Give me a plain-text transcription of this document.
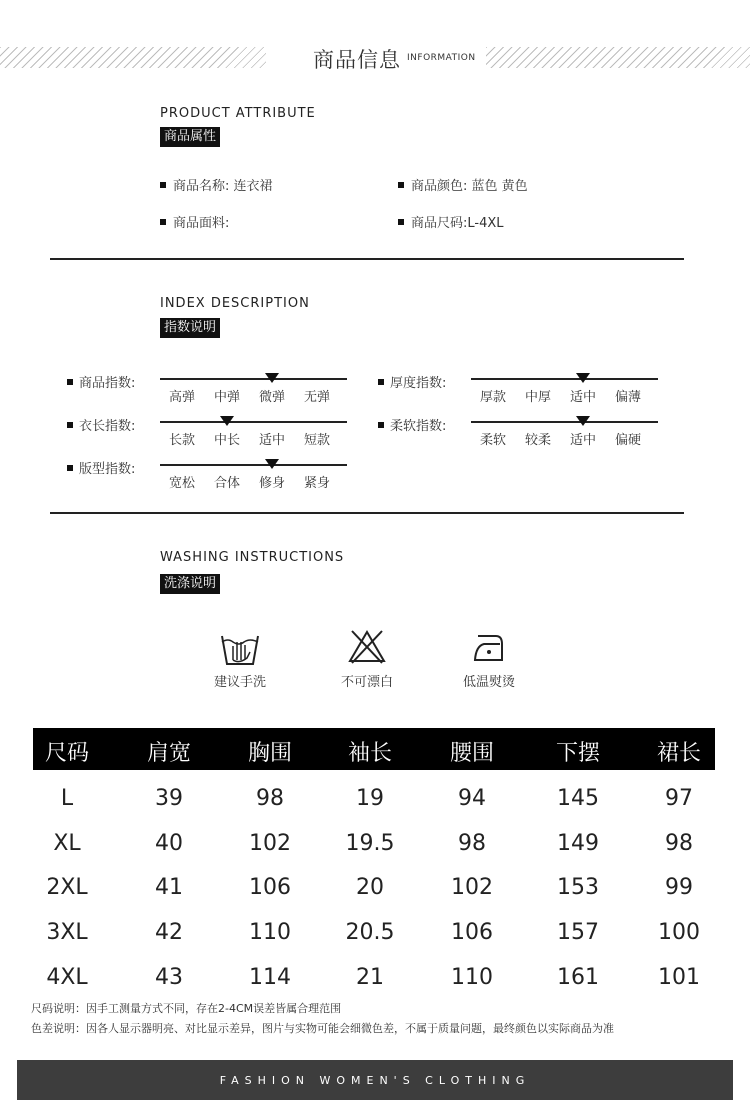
商品信息 INFORMATION
PRODUCT ATTRIBUTE
商品属性
商品名称: 连衣裙	商品颜色: 蓝色 黄色
商品面料:	商品尺码:L-4XL
INDEX DESCRIPTION
指数说明
商品指数:
高弹 中弹 微弹 无弹
厚度指数:
厚款 中厚 适中 偏薄
衣长指数:
长款 中长 适中 短款
柔软指数:
柔软 较柔 适中 偏硬
版型指数:
宽松 合体 修身 紧身
WASHING INSTRUCTIONS
洗涤说明
建议手洗	不可漂白	低温熨烫
尺码	肩宽	胸围	袖长	腰围	下摆	裙长
L	39	98	19	94	145	97
XL	40	102	19.5	98	149	98
2XL	41	106	20	102	153	99
3XL	42	110	20.5	106	157	100
4XL	43	114	21	110	161	101
尺码说明：因手工测量方式不同，存在2-4CM误差皆属合理范围
色差说明：因各人显示器明亮、对比显示差异，图片与实物可能会细微色差，不属于质量问题，最终颜色以实际商品为准
FASHION WOMEN'S CLOTHING
